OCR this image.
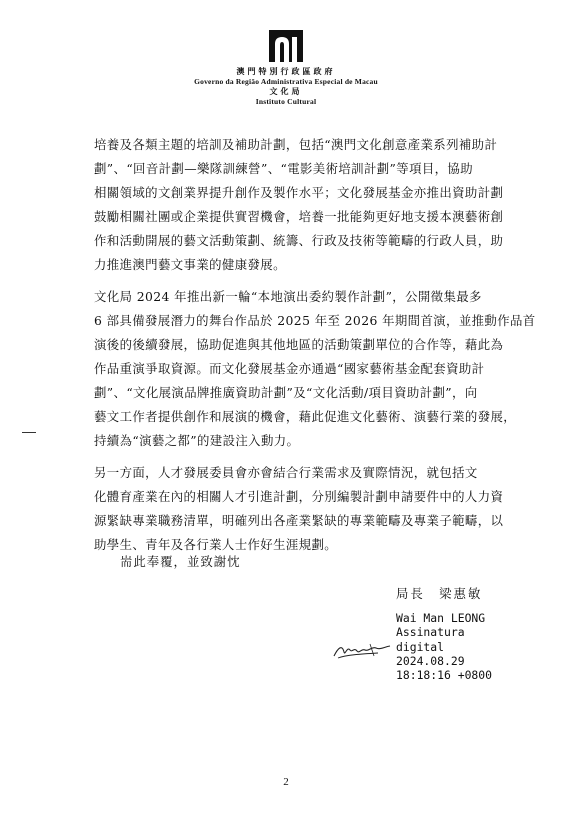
澳門特別行政區政府
Governo da Região Administrativa Especial de Macau
文化局
Instituto Cultural
培養及各類主題的培訓及補助計劃，包括“澳門文化創意產業系列補助計
劃”、“回音計劃—樂隊訓練營”、“電影美術培訓計劃”等項目，協助
相關領域的文創業界提升創作及製作水平；文化發展基金亦推出資助計劃
鼓勵相關社團或企業提供實習機會，培養一批能夠更好地支援本澳藝術創
作和活動開展的藝文活動策劃、統籌、行政及技術等範疇的行政人員，助
力推進澳門藝文事業的健康發展。
文化局 2024 年推出新一輪“本地演出委約製作計劃”，公開徵集最多
6 部具備發展潛力的舞台作品於 2025 年至 2026 年期間首演，並推動作品首
演後的後續發展，協助促進與其他地區的活動策劃單位的合作等，藉此為
作品重演爭取資源。而文化發展基金亦通過“國家藝術基金配套資助計
劃”、“文化展演品牌推廣資助計劃”及“文化活動/項目資助計劃”，向
藝文工作者提供創作和展演的機會，藉此促進文化藝術、演藝行業的發展，
持續為“演藝之都”的建設注入動力。
另一方面，人才發展委員會亦會結合行業需求及實際情況，就包括文
化體育產業在內的相關人才引進計劃，分別編製計劃申請要件中的人力資
源緊缺專業職務清單，明確列出各產業緊缺的專業範疇及專業子範疇，以
助學生、青年及各行業人士作好生涯規劃。
耑此奉覆，並致謝忱
局長　梁惠敏
Wai Man LEONG
Assinatura
digital
2024.08.29
18:18:16 +0800
2
